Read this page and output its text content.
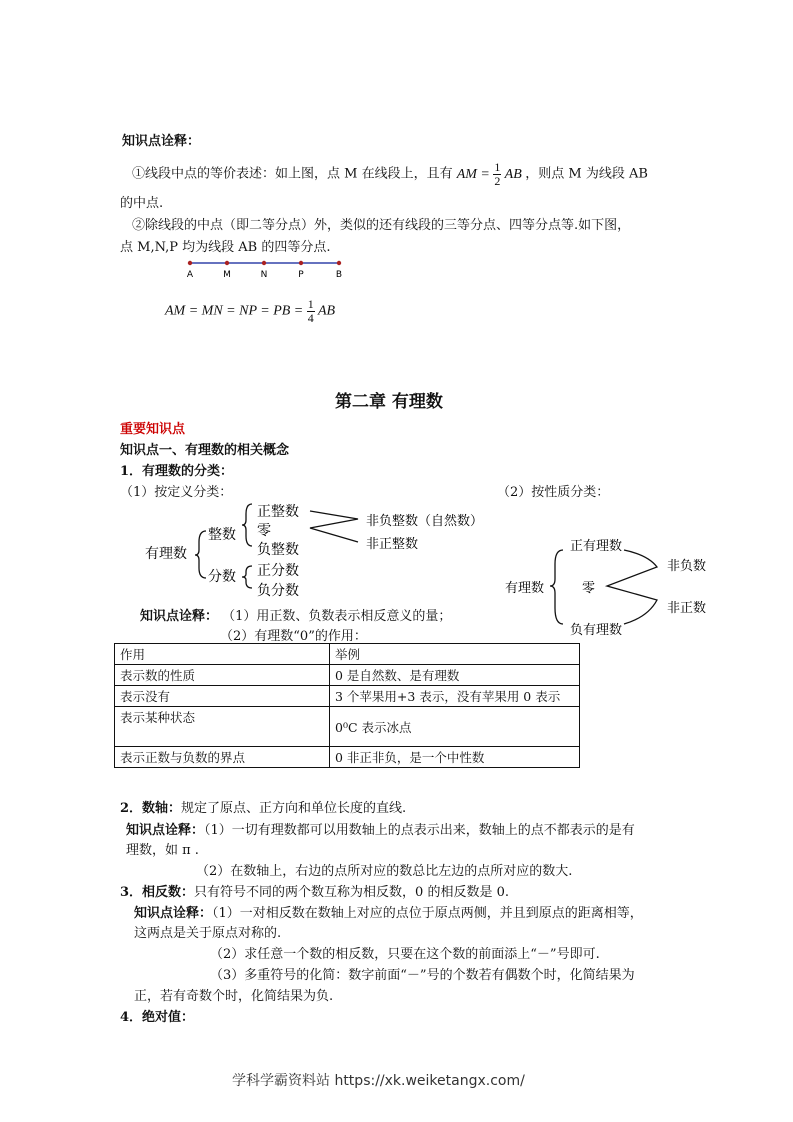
知识点诠释：
①线段中点的等价表述：如上图，点 M 在线段上，且有 AM = $\frac{1}{2}$ AB ，则点 M 为线段 AB
的中点.
②除线段的中点（即二等分点）外，类似的还有线段的三等分点、四等分点等.如下图，
点 M,N,P 均为线段 AB 的四等分点.
A	M	N	P	B
AM = MN = NP = PB = $\frac{1}{4}$ AB
第二章 有理数
重要知识点
知识点一、有理数的相关概念
1．有理数的分类：
（1）按定义分类：	（2）按性质分类：
有理数
整数
分数
正整数
零
负整数
正分数
负分数
非负整数（自然数）
非正整数
有理数
正有理数
零
负有理数
非负数
非正数
知识点诠释： （1）用正数、负数表示相反意义的量；
（2）有理数“0”的作用：
作用	举例
表示数的性质	0 是自然数、是有理数
表示没有	3 个苹果用+3 表示，没有苹果用 0 表示
表示某种状态	0⁰C 表示冰点
表示正数与负数的界点	0 非正非负，是一个中性数
2．数轴：规定了原点、正方向和单位长度的直线.
知识点诠释：（1）一切有理数都可以用数轴上的点表示出来，数轴上的点不都表示的是有
理数，如 π .
（2）在数轴上，右边的点所对应的数总比左边的点所对应的数大.
3．相反数：只有符号不同的两个数互称为相反数，0 的相反数是 0.
知识点诠释：（1）一对相反数在数轴上对应的点位于原点两侧，并且到原点的距离相等，
这两点是关于原点对称的.
（2）求任意一个数的相反数，只要在这个数的前面添上“－”号即可.
（3）多重符号的化简：数字前面“－”号的个数若有偶数个时，化简结果为
正，若有奇数个时，化简结果为负.
4．绝对值：
学科学霸资料站 https://xk.weiketangx.com/
